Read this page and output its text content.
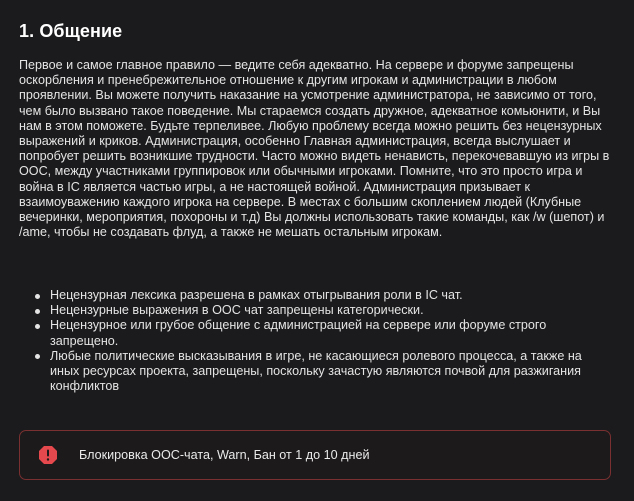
1. Общение

Первое и самое главное правило — ведите себя адекватно. На сервере и форуме запрещены оскорбления и пренебрежительное отношение к другим игрокам и администрации в любом проявлении. Вы можете получить наказание на усмотрение администратора, не зависимо от того, чем было вызвано такое поведение. Мы стараемся создать дружное, адекватное комьюнити, и Вы нам в этом поможете. Будьте терпеливее. Любую проблему всегда можно решить без нецензурных выражений и криков. Администрация, особенно Главная администрация, всегда выслушает и попробует решить возникшие трудности. Часто можно видеть ненависть, перекочевавшую из игры в ООС, между участниками группировок или обычными игроками. Помните, что это просто игра и война в IC является частью игры, а не настоящей войной. Администрация призывает к взаимоуважению каждого игрока на сервере. В местах с большим скоплением людей (Клубные вечеринки, мероприятия, похороны и т.д) Вы должны использовать такие команды, как /w (шепот) и /ame, чтобы не создавать флуд, а также не мешать остальным игрокам.

Нецензурная лексика разрешена в рамках отыгрывания роли в IC чат.
Нецензурные выражения в ООС чат запрещены категорически.
Нецензурное или грубое общение с администрацией на сервере или форуме строго запрещено.
Любые политические высказывания в игре, не касающиеся ролевого процесса, а также на иных ресурсах проекта, запрещены, поскольку зачастую являются почвой для разжигания конфликтов
Блокировка ООС-чата, Warn, Бан от 1 до 10 дней
